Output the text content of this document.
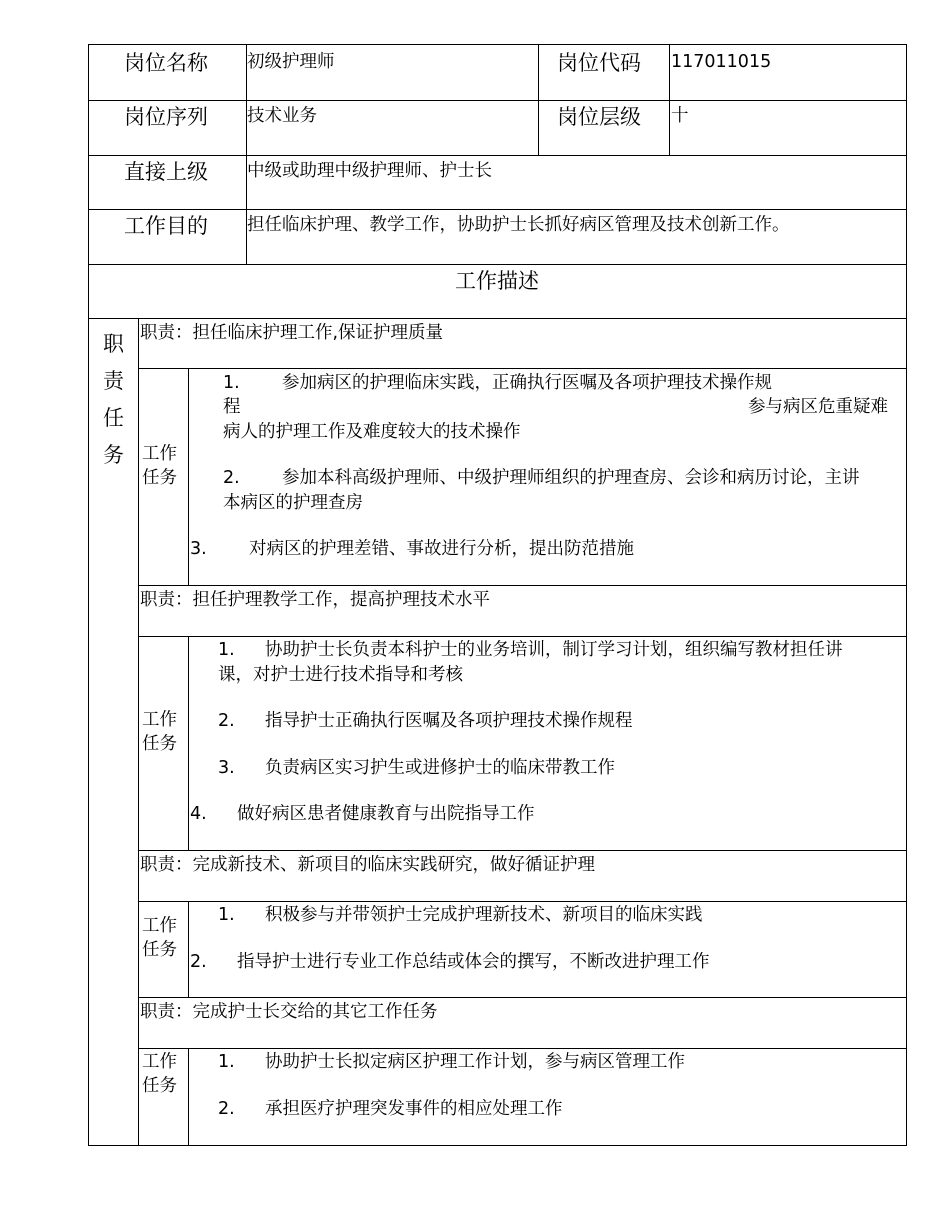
岗位名称 初级护理师	岗位代码 117011015
岗位序列 技术业务	岗位层级 十
直接上级 中级或助理中级护理师、护士长
工作目的 担任临床护理、教学工作，协助护士长抓好病区管理及技术创新工作。
工作描述
职
责
任
务
职责：担任临床护理工作,保证护理质量
工作
任务
1. 参加病区的护理临床实践，正确执行医嘱及各项护理技术操作规
程	参与病区危重疑难
病人的护理工作及难度较大的技术操作
2. 参加本科高级护理师、中级护理师组织的护理查房、会诊和病历讨论，主讲
本病区的护理查房
3. 对病区的护理差错、事故进行分析，提出防范措施
职责：担任护理教学工作，提高护理技术水平
工作
任务
1. 协助护士长负责本科护士的业务培训，制订学习计划，组织编写教材担任讲
课，对护士进行技术指导和考核
2. 指导护士正确执行医嘱及各项护理技术操作规程
3. 负责病区实习护生或进修护士的临床带教工作
4. 做好病区患者健康教育与出院指导工作
职责：完成新技术、新项目的临床实践研究，做好循证护理
工作
任务
1. 积极参与并带领护士完成护理新技术、新项目的临床实践
2. 指导护士进行专业工作总结或体会的撰写，不断改进护理工作
职责：完成护士长交给的其它工作任务
工作
任务
1. 协助护士长拟定病区护理工作计划，参与病区管理工作
2. 承担医疗护理突发事件的相应处理工作
